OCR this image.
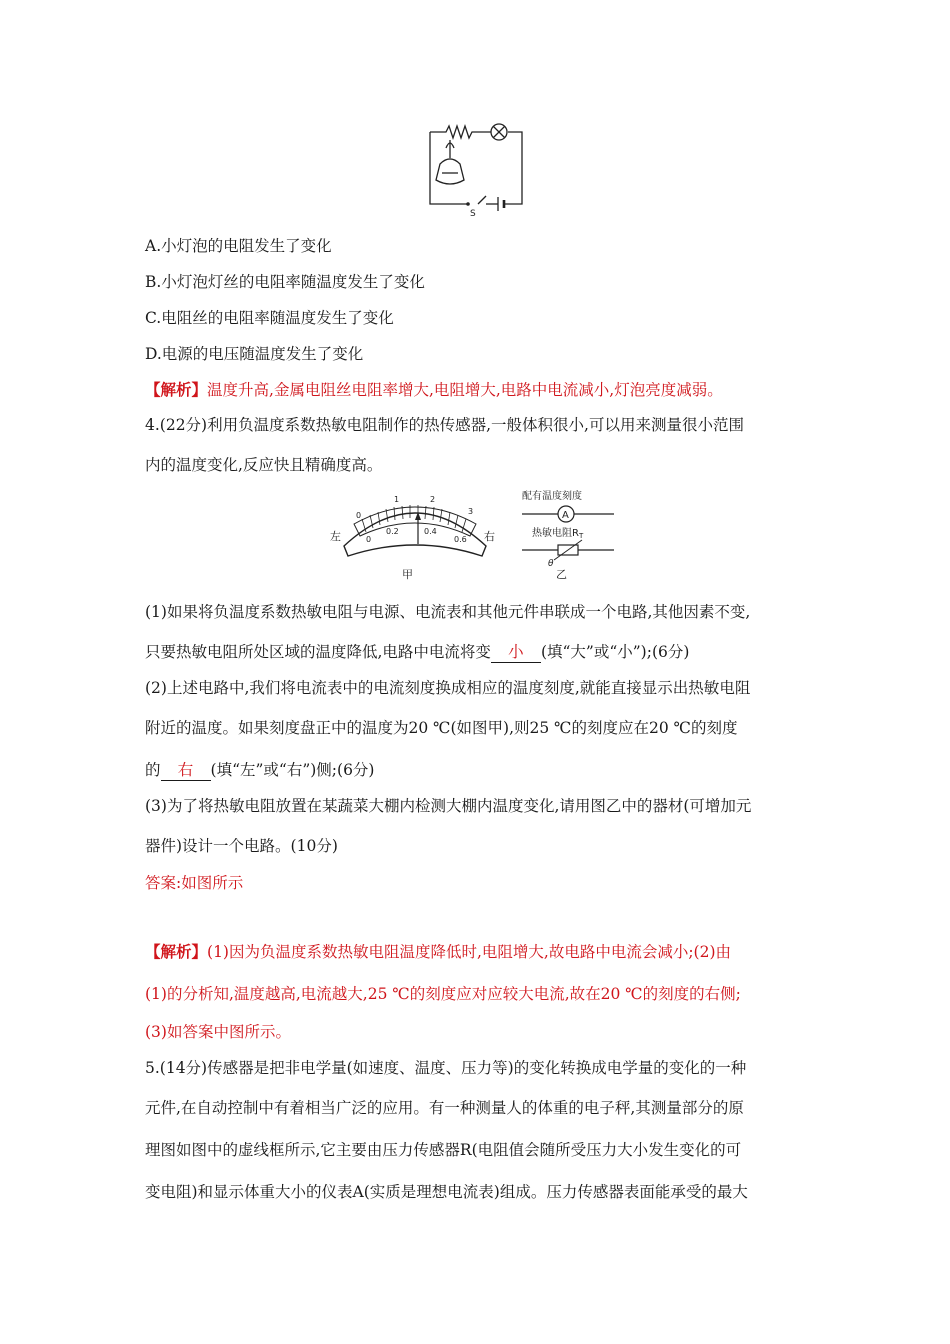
S
A.小灯泡的电阻发生了变化
B.小灯泡灯丝的电阻率随温度发生了变化
C.电阻丝的电阻率随温度发生了变化
D.电源的电压随温度发生了变化
【解析】温度升高,金属电阻丝电阻率增大,电阻增大,电路中电流减小,灯泡亮度减弱。
4.(22分)利用负温度系数热敏电阻制作的热传感器,一般体积很小,可以用来测量很小范围
内的温度变化,反应快且精确度高。
左	右
0
1	2
3
0
0.2	0.4
0.6
甲
配有温度刻度
A
热敏电阻$R_T$
θ
乙
(1)如果将负温度系数热敏电阻与电源、电流表和其他元件串联成一个电路,其他因素不变,
只要热敏电阻所处区域的温度降低,电路中电流将变 小 (填“大”或“小”);(6分)
(2)上述电路中,我们将电流表中的电流刻度换成相应的温度刻度,就能直接显示出热敏电阻
附近的温度。如果刻度盘正中的温度为20 ℃(如图甲),则25 ℃的刻度应在20 ℃的刻度
的 右 (填“左”或“右”)侧;(6分)
(3)为了将热敏电阻放置在某蔬菜大棚内检测大棚内温度变化,请用图乙中的器材(可增加元
器件)设计一个电路。(10分)
答案:如图所示
【解析】(1)因为负温度系数热敏电阻温度降低时,电阻增大,故电路中电流会减小;(2)由
(1)的分析知,温度越高,电流越大,25 ℃的刻度应对应较大电流,故在20 ℃的刻度的右侧;
(3)如答案中图所示。
5.(14分)传感器是把非电学量(如速度、温度、压力等)的变化转换成电学量的变化的一种
元件,在自动控制中有着相当广泛的应用。有一种测量人的体重的电子秤,其测量部分的原
理图如图中的虚线框所示,它主要由压力传感器R(电阻值会随所受压力大小发生变化的可
变电阻)和显示体重大小的仪表A(实质是理想电流表)组成。压力传感器表面能承受的最大
